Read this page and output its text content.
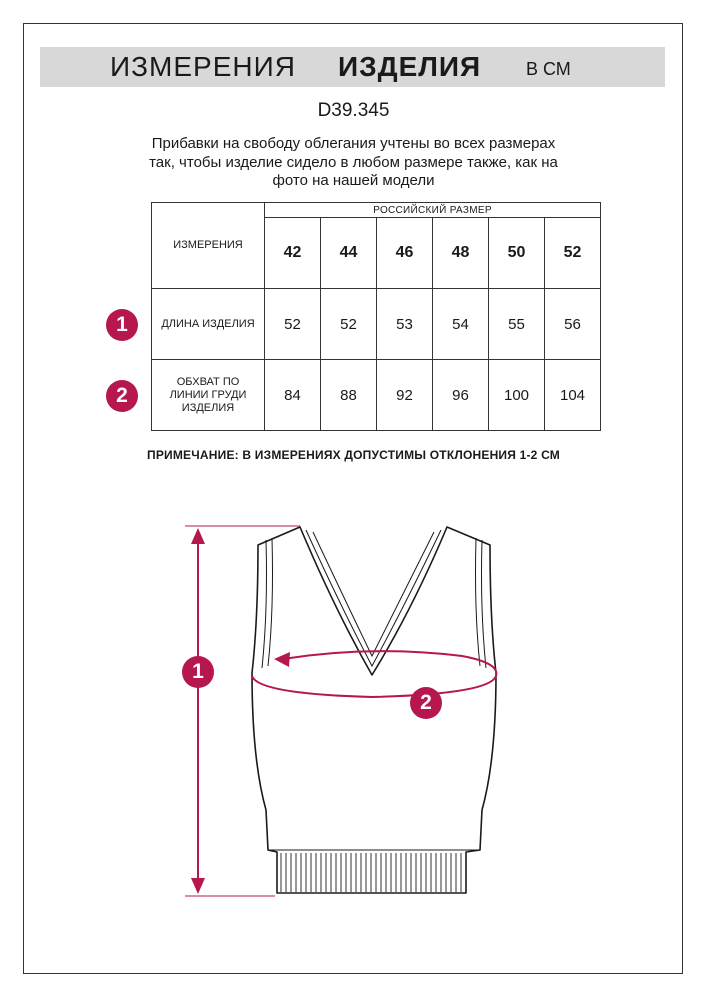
ИЗМЕРЕНИЯ ИЗДЕЛИЯ В СМ
D39.345
Прибавки на свободу облегания учтены во всех размерах
так, чтобы изделие сидело в любом размере также, как на
фото на нашей модели
ИЗМЕРЕНИЯ	РОССИЙСКИЙ РАЗМЕР					
	42	44	46	48	50	52
ДЛИНА ИЗДЕЛИЯ	52	52	53	54	55	56

ОБХВАТ ПО
ЛИНИИ ГРУДИ
ИЗДЕЛИЯ	84	88	92	96	100	104
1
2
ПРИМЕЧАНИЕ: В ИЗМЕРЕНИЯХ ДОПУСТИМЫ ОТКЛОНЕНИЯ 1-2 СМ
1
2
